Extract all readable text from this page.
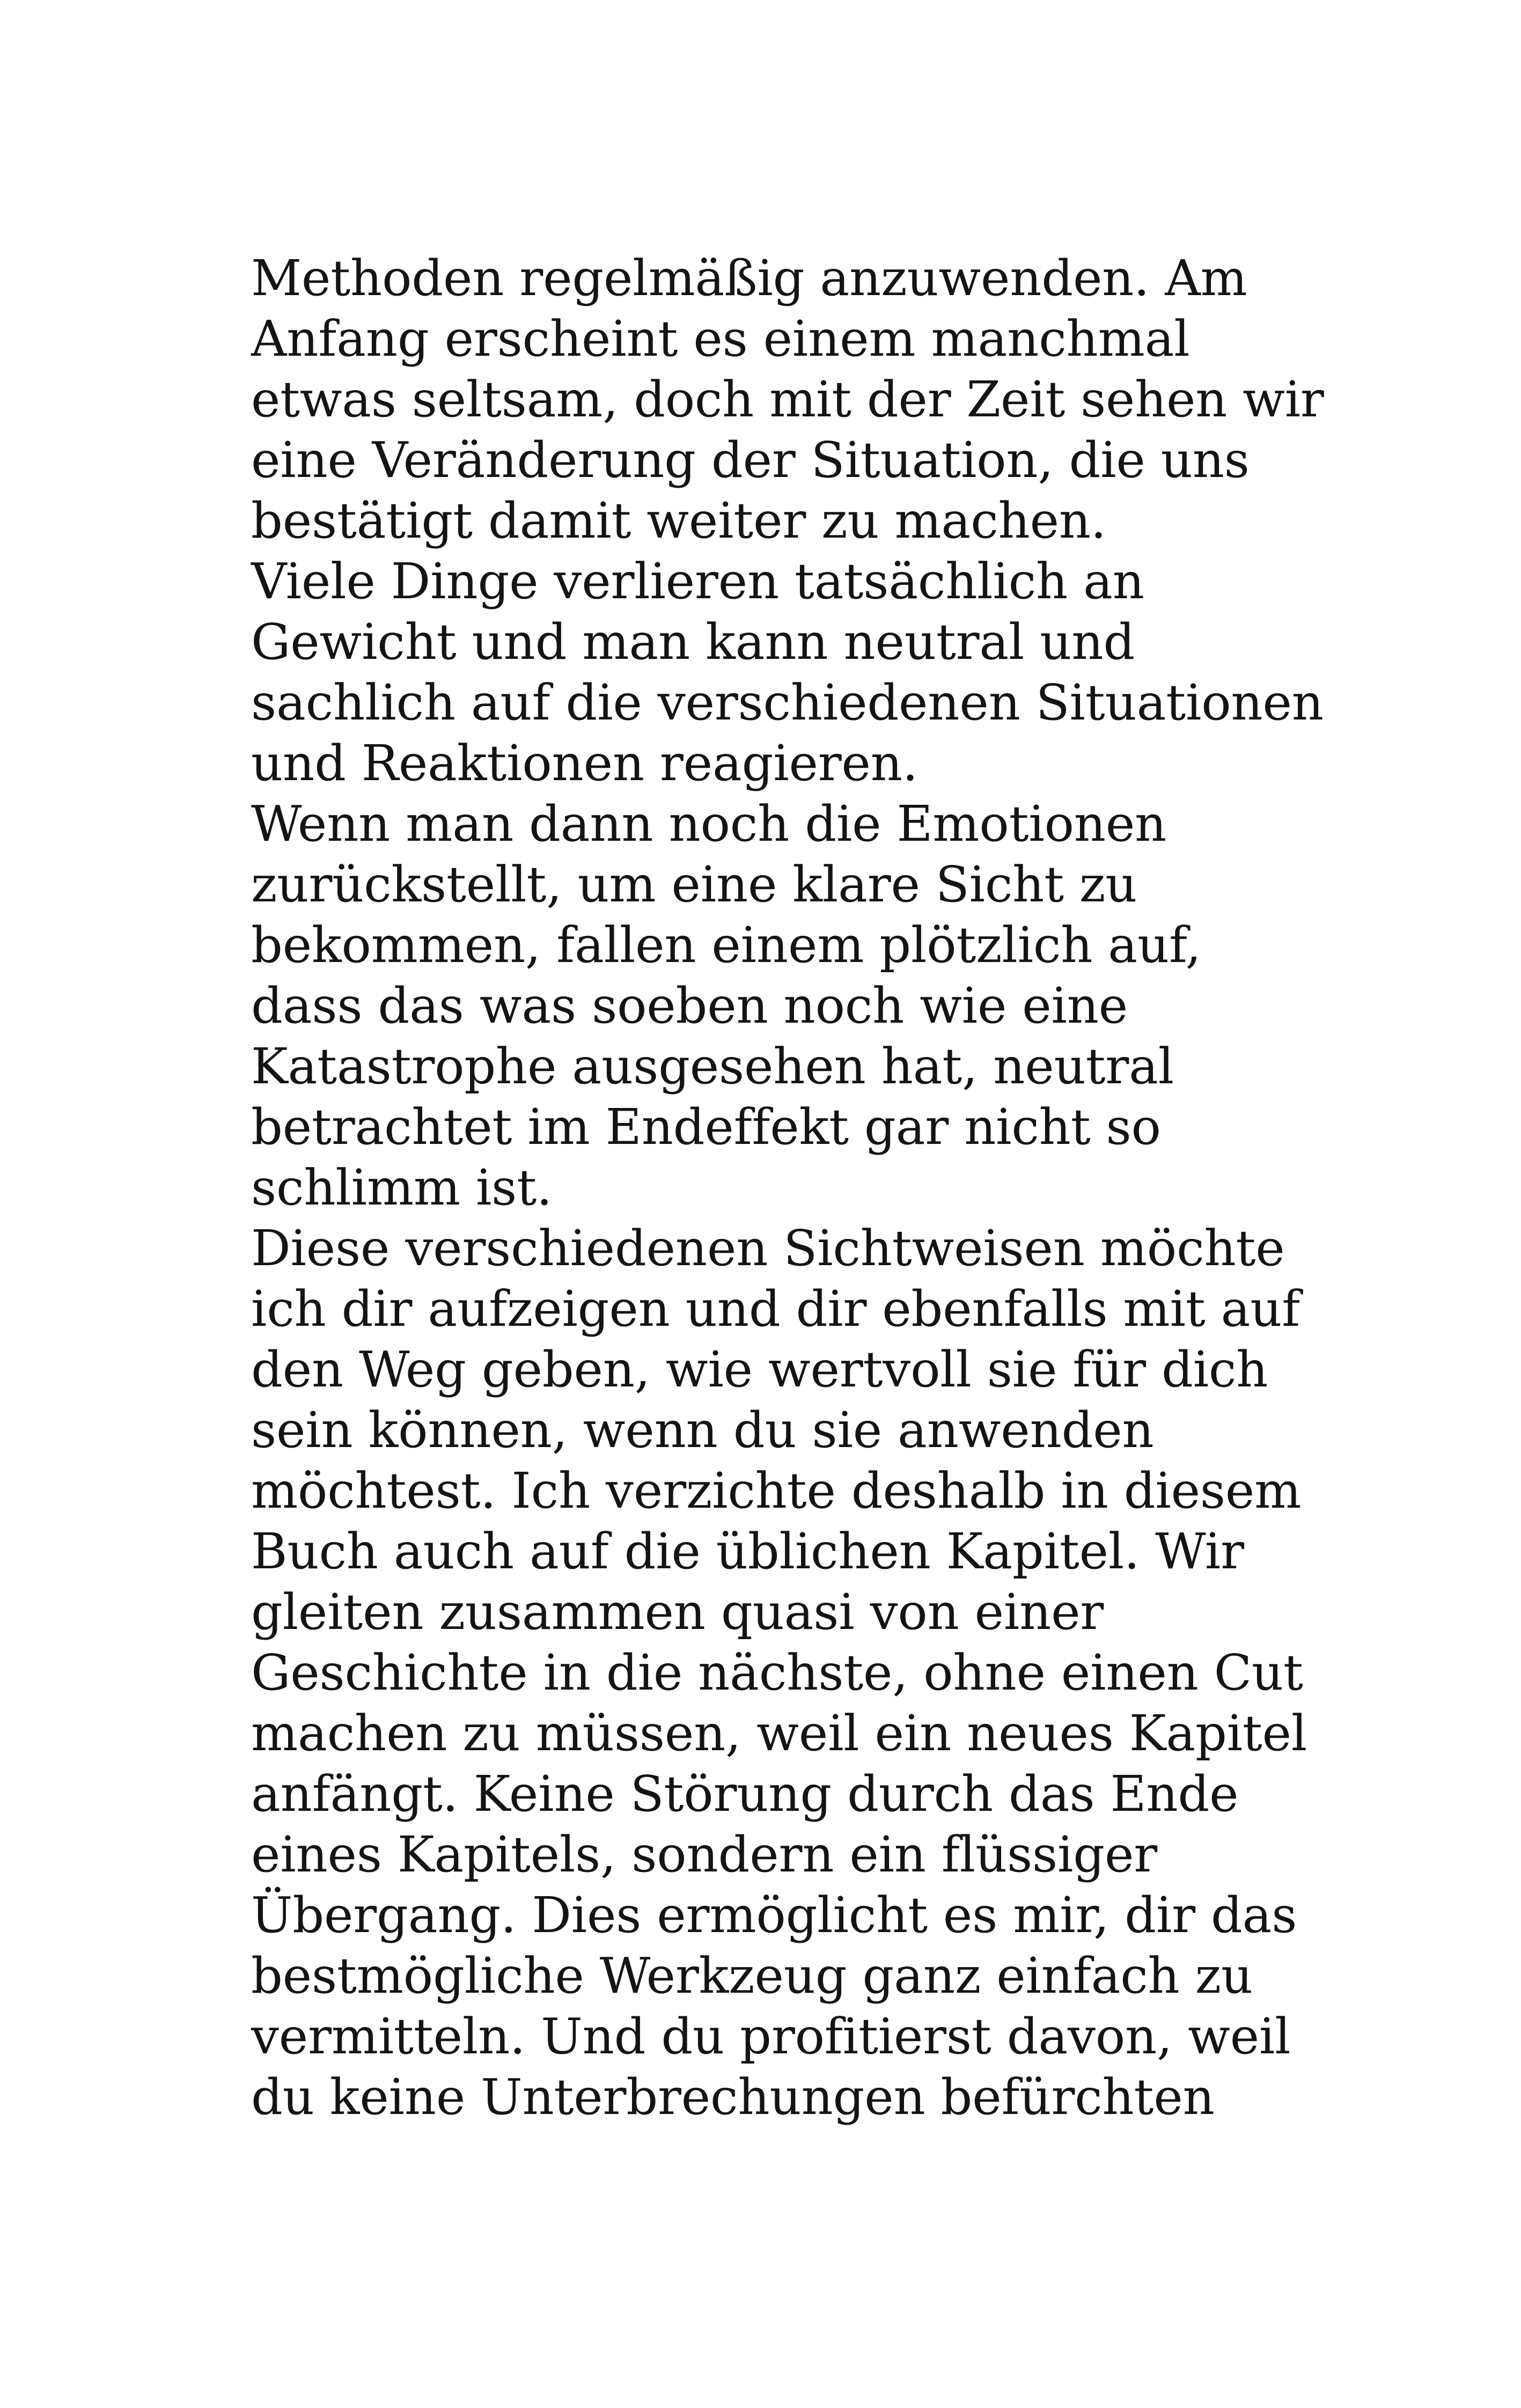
Methoden regelmäßig anzuwenden. Am
Anfang erscheint es einem manchmal
etwas seltsam, doch mit der Zeit sehen wir
eine Veränderung der Situation, die uns
bestätigt damit weiter zu machen.
Viele Dinge verlieren tatsächlich an
Gewicht und man kann neutral und
sachlich auf die verschiedenen Situationen
und Reaktionen reagieren.
Wenn man dann noch die Emotionen
zurückstellt, um eine klare Sicht zu
bekommen, fallen einem plötzlich auf,
dass das was soeben noch wie eine
Katastrophe ausgesehen hat, neutral
betrachtet im Endeffekt gar nicht so
schlimm ist.
Diese verschiedenen Sichtweisen möchte
ich dir aufzeigen und dir ebenfalls mit auf
den Weg geben, wie wertvoll sie für dich
sein können, wenn du sie anwenden
möchtest. Ich verzichte deshalb in diesem
Buch auch auf die üblichen Kapitel. Wir
gleiten zusammen quasi von einer
Geschichte in die nächste, ohne einen Cut
machen zu müssen, weil ein neues Kapitel
anfängt. Keine Störung durch das Ende
eines Kapitels, sondern ein flüssiger
Übergang. Dies ermöglicht es mir, dir das
bestmögliche Werkzeug ganz einfach zu
vermitteln. Und du profitierst davon, weil
du keine Unterbrechungen befürchten
